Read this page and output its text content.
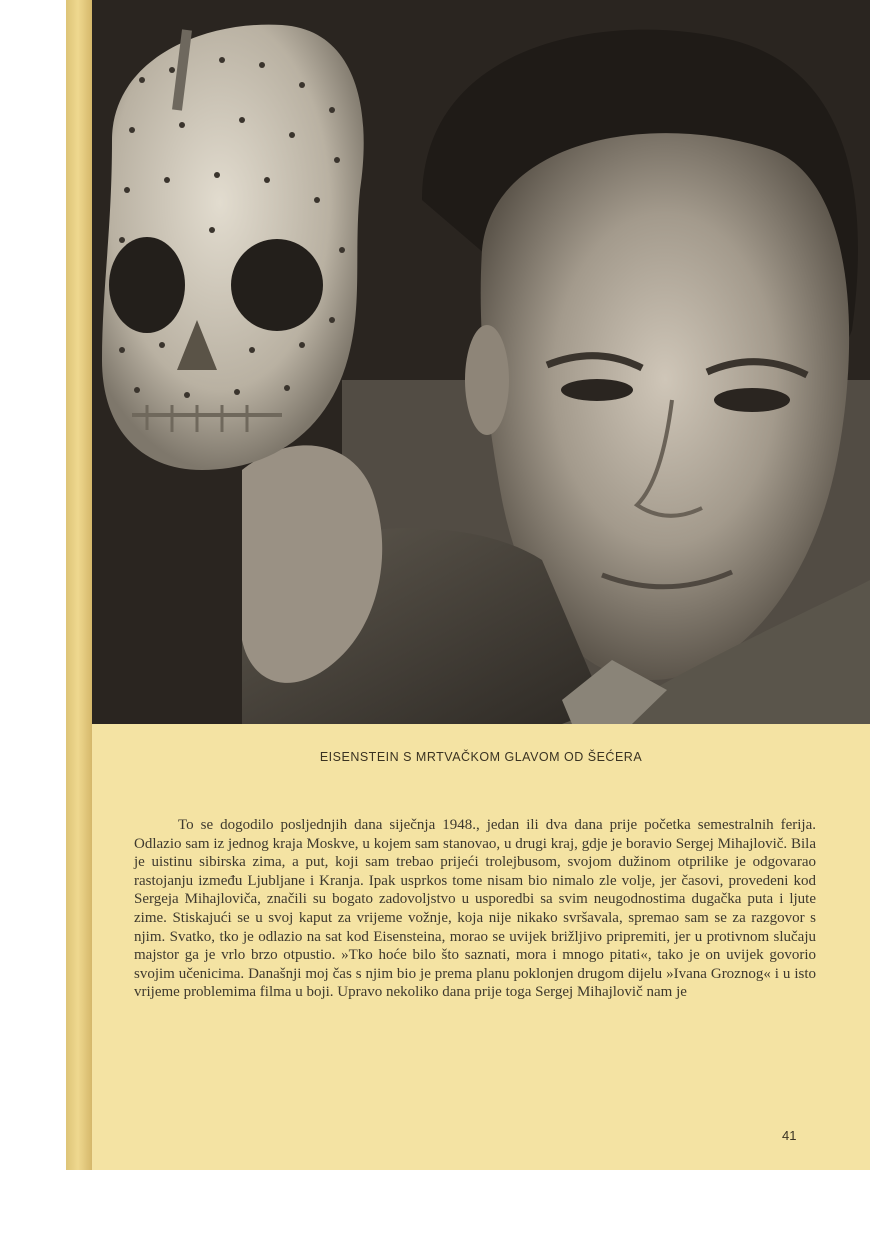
EISENSTEIN S MRTVAČKOM GLAVOM OD ŠEĆERA

To se dogodilo posljednjih dana siječnja 1948., jedan ili dva dana prije početka semestralnih ferija. Odlazio sam iz jednog kraja Moskve, u kojem sam stanovao, u drugi kraj, gdje je boravio Sergej Mihajlovič. Bila je uistinu sibirska zima, a put, koji sam trebao prijeći trolejbusom, svojom dužinom otprilike je odgovarao rastojanju između Ljubljane i Kranja. Ipak usprkos tome nisam bio nimalo zle volje, jer časovi, provedeni kod Sergeja Mihajloviča, značili su bogato zadovoljstvo u usporedbi sa svim neugodnostima dugačka puta i ljute zime. Stiskajući se u svoj kaput za vrijeme vožnje, koja nije nikako svršavala, spremao sam se za razgovor s njim. Svatko, tko je odlazio na sat kod Eisensteina, morao se uvijek brižljivo pripremiti, jer u protivnom slučaju majstor ga je vrlo brzo otpustio. »Tko hoće bilo što saznati, mora i mnogo pitati«, tako je on uvijek govorio svojim učenicima. Današnji moj čas s njim bio je prema planu poklonjen drugom dijelu »Ivana Groznog« i u isto vrijeme problemima filma u boji. Upravo nekoliko dana prije toga Sergej Mihajlovič nam je

41
